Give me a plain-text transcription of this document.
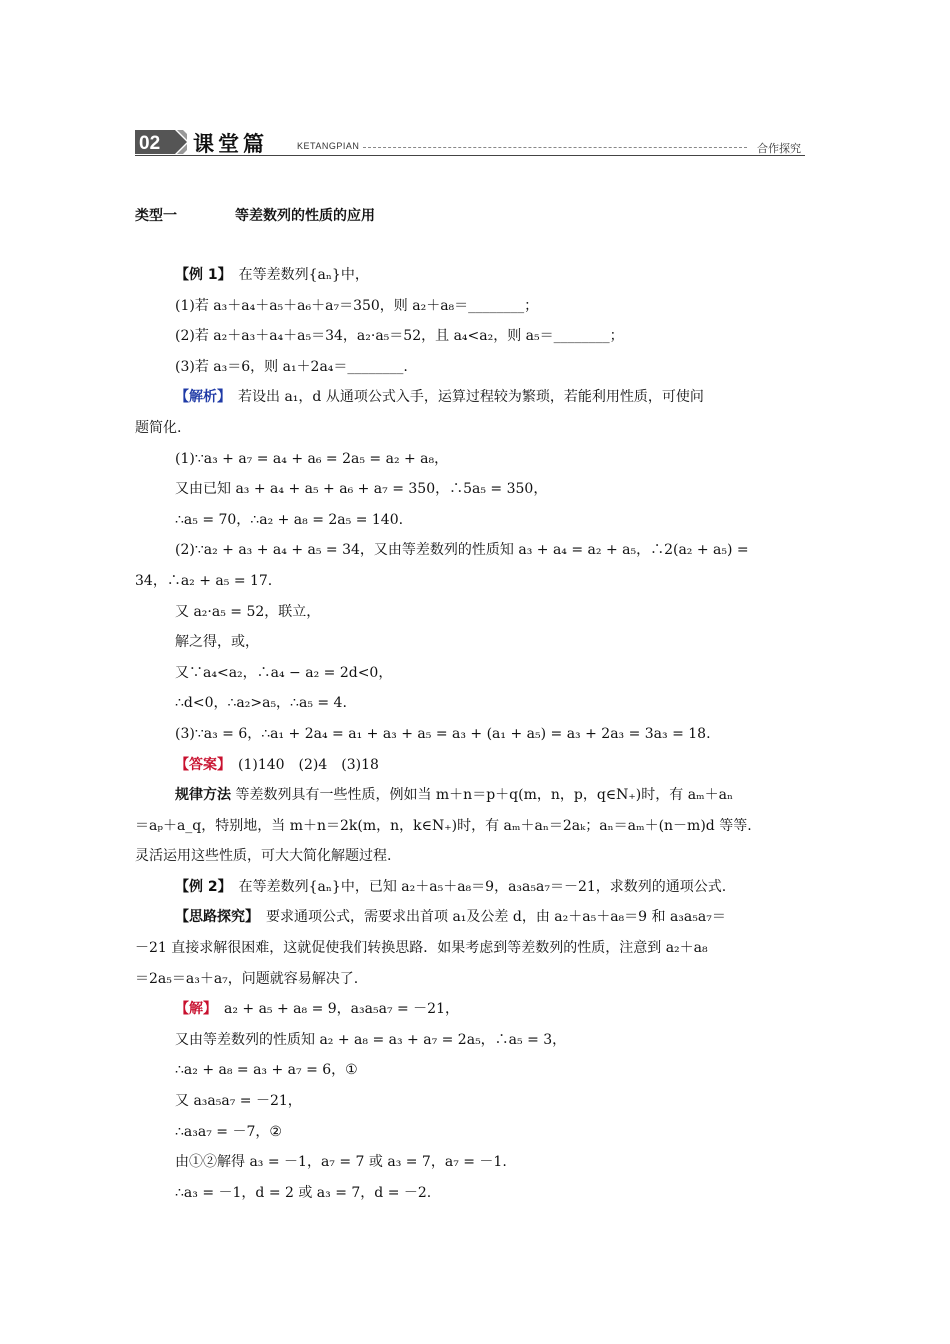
02 课堂篇	KETANGPIAN	合作探究
类型一	等差数列的性质的应用
【例 1】　在等差数列{aₙ}中，
(1)若 a₃＋a₄＋a₅＋a₆＋a₇＝350，则 a₂＋a₈＝________；
(2)若 a₂＋a₃＋a₄＋a₅＝34，a₂·a₅＝52，且 a₄<a₂，则 a₅＝________；
(3)若 a₃＝6，则 a₁＋2a₄＝________.
【解析】　若设出 a₁，d 从通项公式入手，运算过程较为繁琐，若能利用性质，可使问
题简化.
(1)∵a₃ + a₇ = a₄ + a₆ = 2a₅ = a₂ + a₈，
又由已知 a₃ + a₄ + a₅ + a₆ + a₇ = 350，∴5a₅ = 350，
∴a₅ = 70，∴a₂ + a₈ = 2a₅ = 140.
(2)∵a₂ + a₃ + a₄ + a₅ = 34，又由等差数列的性质知 a₃ + a₄ = a₂ + a₅，∴2(a₂ + a₅) =
34，∴a₂ + a₅ = 17.
又 a₂·a₅ = 52，联立，
解之得，或，
又∵a₄<a₂，∴a₄ − a₂ = 2d<0，
∴d<0，∴a₂>a₅，∴a₅ = 4.
(3)∵a₃ = 6，∴a₁ + 2a₄ = a₁ + a₃ + a₅ = a₃ + (a₁ + a₅) = a₃ + 2a₃ = 3a₃ = 18.
【答案】　(1)140　(2)4　(3)18
规律方法 等差数列具有一些性质，例如当 m＋n＝p＋q(m，n，p，q∈N₊)时，有 aₘ＋aₙ
＝aₚ＋a_q，特别地，当 m＋n＝2k(m，n，k∈N₊)时，有 aₘ＋aₙ＝2aₖ；aₙ＝aₘ＋(n－m)d 等等.
灵活运用这些性质，可大大简化解题过程.
【例 2】　在等差数列{aₙ}中，已知 a₂＋a₅＋a₈＝9，a₃a₅a₇＝－21，求数列的通项公式.
【思路探究】　要求通项公式，需要求出首项 a₁及公差 d，由 a₂＋a₅＋a₈＝9 和 a₃a₅a₇＝
－21 直接求解很困难，这就促使我们转换思路．如果考虑到等差数列的性质，注意到 a₂＋a₈
＝2a₅＝a₃＋a₇，问题就容易解决了.
【解】　a₂ + a₅ + a₈ = 9，a₃a₅a₇ = －21，
又由等差数列的性质知 a₂ + a₈ = a₃ + a₇ = 2a₅，∴a₅ = 3，
∴a₂ + a₈ = a₃ + a₇ = 6，①
又 a₃a₅a₇ = －21，
∴a₃a₇ = －7，②
由①②解得 a₃ = －1，a₇ = 7 或 a₃ = 7，a₇ = －1.
∴a₃ = －1，d = 2 或 a₃ = 7，d = －2.
